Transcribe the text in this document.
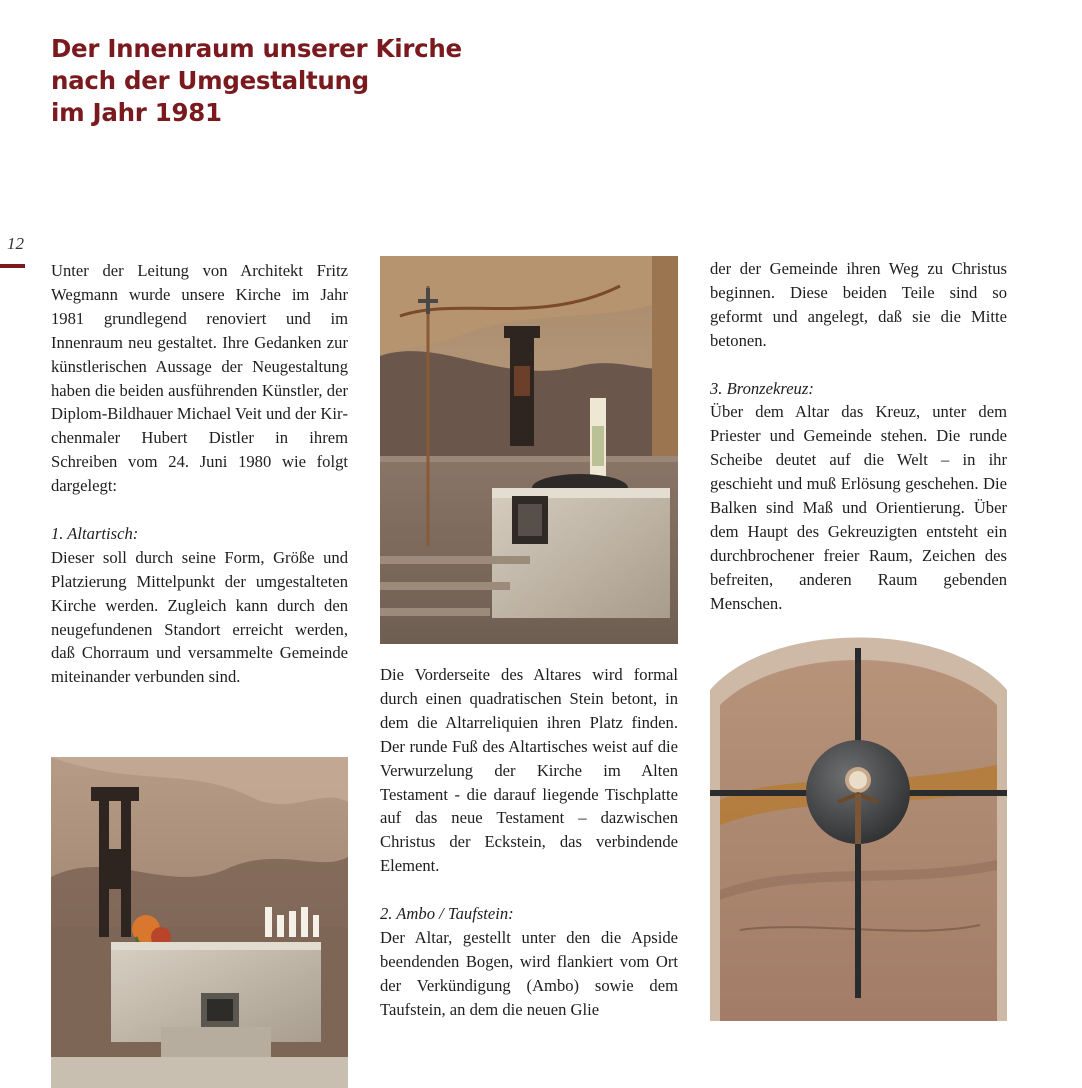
Der Innenraum unserer Kirche
nach der Umgestaltung
im Jahr 1981
12

Unter der Leitung von Architekt Fritz Wegmann wurde unsere Kirche im Jahr 1981 grundlegend renoviert und im Innenraum neu gestaltet. Ihre Gedanken zur künstlerischen Aussage der Neugestaltung haben die beiden ausführenden Künstler, der Diplom-Bildhauer Michael Veit und der Kirchenmaler Hubert Distler in ihrem Schreiben vom 24. Juni 1980 wie folgt dargelegt:

1. Altartisch:

Dieser soll durch seine Form, Größe und Platzierung Mittelpunkt der umgestalteten Kirche werden. Zugleich kann durch den neugefundenen Standort erreicht werden, daß Chorraum und versammelte Gemeinde miteinander verbunden sind.	Die Vorderseite des Altares wird formal durch einen quadratischen Stein betont, in dem die Altarreliquien ihren Platz finden. Der runde Fuß des Altartisches weist auf die Verwurzelung der Kirche im Alten Testament - die darauf liegende Tischplatte auf das neue Testament – dazwischen Christus der Eckstein, das verbindende Element.

2. Ambo / Taufstein:

Der Altar, gestellt unter den die Apside beendenden Bogen, wird flankiert vom Ort der Verkündigung (Ambo) sowie dem Taufstein, an dem die neuen Glie

der der Gemeinde ihren Weg zu Christus beginnen. Diese beiden Teile sind so geformt und angelegt, daß sie die Mitte betonen.

3. Bronzekreuz:

Über dem Altar das Kreuz, unter dem Priester und Gemeinde stehen. Die runde Scheibe deutet auf die Welt – in ihr geschieht und muß Erlösung geschehen. Die Balken sind Maß und Orientierung. Über dem Haupt des Gekreuzigten entsteht ein durchbrochener freier Raum, Zeichen des befreiten, anderen Raum gebenden Menschen.
